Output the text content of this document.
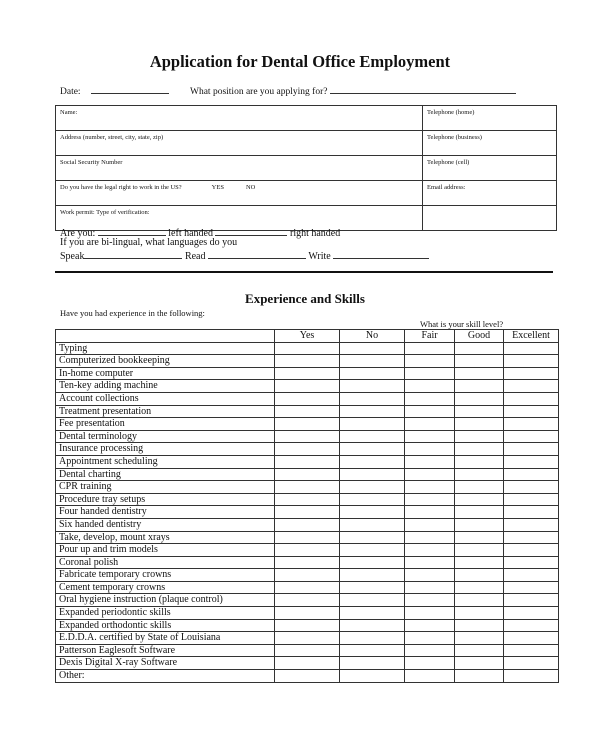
Application for Dental Office Employment
Date:	What position are you applying for?
Name:	Telephone (home)
Address (number, street, city, state, zip)	Telephone (business)
Social Security Number	Telephone (cell)
Do you have the legal right to work in the US? YES NO	Email address:
Work permit: Type of verification:	
Are you:	left handed	right handed
If you are bi-lingual, what languages do you
Speak	Read	Write
Experience and Skills
Have you had experience in the following:
What is your skill level?
	Yes	No	Fair	Good	Excellent
Typing					
Computerized bookkeeping					
In-home computer					
Ten-key adding machine					
Account collections					
Treatment presentation					
Fee presentation					
Dental terminology					
Insurance processing					
Appointment scheduling					
Dental charting					
CPR training					
Procedure tray setups					
Four handed dentistry					
Six handed dentistry					
Take, develop, mount xrays					
Pour up and trim models					
Coronal polish					
Fabricate temporary crowns					
Cement temporary crowns					
Oral hygiene instruction (plaque control)					
Expanded periodontic skills					
Expanded orthodontic skills					
E.D.D.A. certified by State of Louisiana					
Patterson Eaglesoft Software					
Dexis Digital X-ray Software					
Other:					
